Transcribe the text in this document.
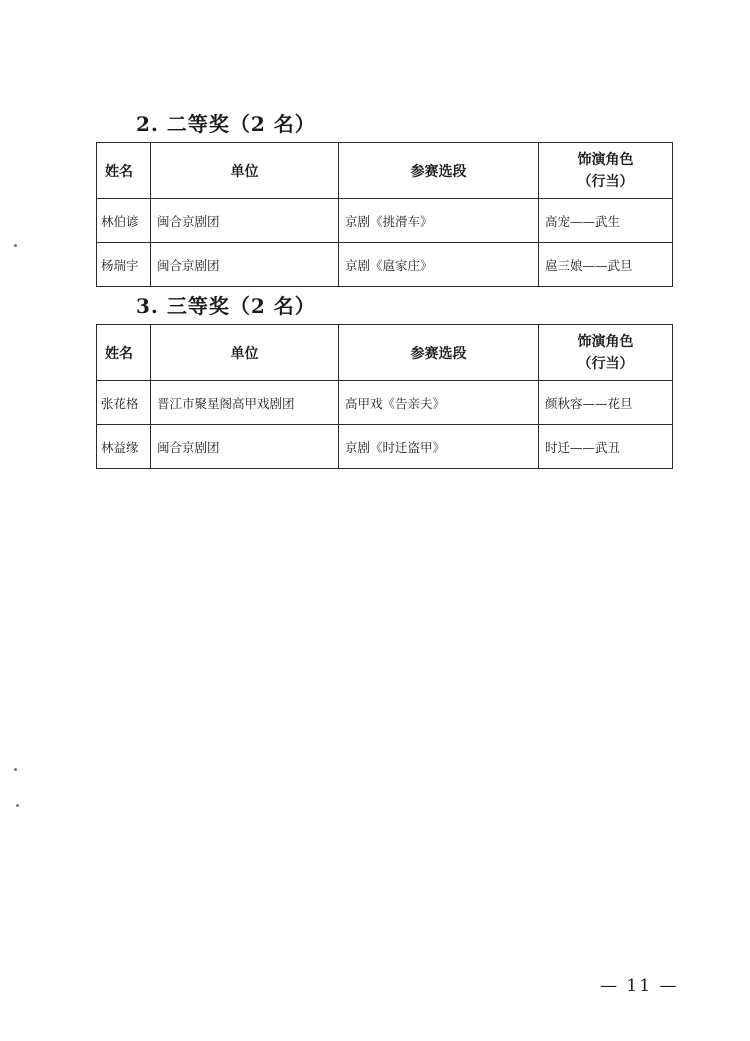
2. 二等奖（2 名）
姓名	单位	参赛选段	饰演角色
（行当）

林伯谚	闽合京剧团	京剧《挑滑车》	高宠——武生
杨瑞宇	闽合京剧团	京剧《扈家庄》	扈三娘——武旦
3. 三等奖（2 名）
姓名	单位	参赛选段	饰演角色
（行当）

张花格	晋江市聚星阁高甲戏剧团	高甲戏《告亲夫》	颜秋容——花旦
林益缘	闽合京剧团	京剧《时迁盗甲》	时迁——武丑
— 11 —
